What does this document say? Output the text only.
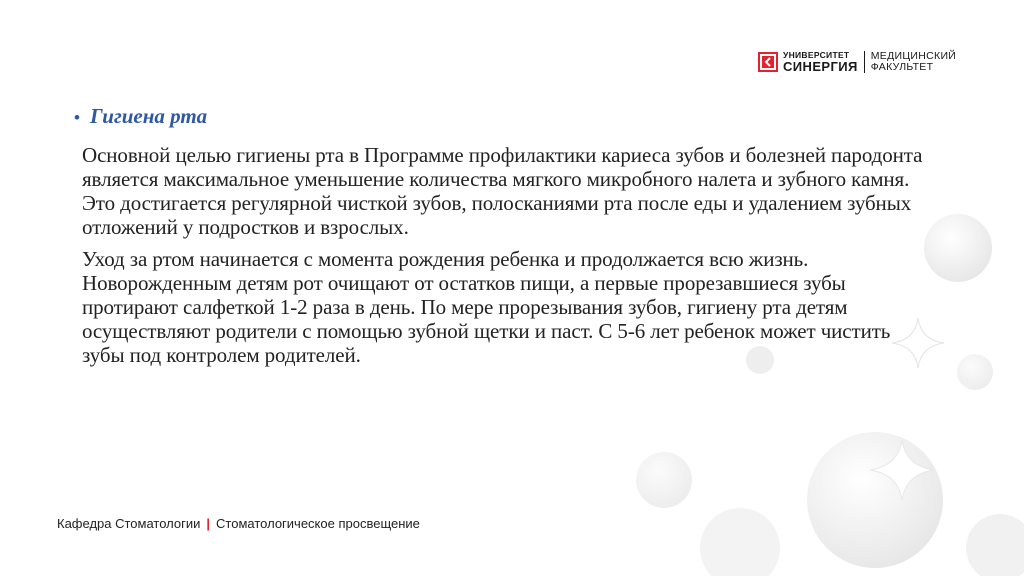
УНИВЕРСИТЕТ
СИНЕРГИЯ
МЕДИЦИНСКИЙ
ФАКУЛЬТЕТ
• Гигиена рта

Основной целью гигиены рта в Программе профилактики кариеса зубов и болезней пародонта является максимальное уменьшение количества мягкого микробного налета и зубного камня. Это достигается регулярной чисткой зубов, полосканиями рта после еды и удалением зубных отложений у подростков и взрослых.

Уход за ртом начинается с момента рождения ребенка и продолжается всю жизнь. Новорожденным детям рот очищают от остатков пищи, а первые прорезавшиеся зубы протирают салфеткой 1-2 раза в день. По мере прорезывания зубов, гигиену рта детям осуществляют родители с помощью зубной щетки и паст. С 5-6 лет ребенок может чистить зубы под контролем родителей.

Кафедра Стоматологии | Стоматологическое просвещение
